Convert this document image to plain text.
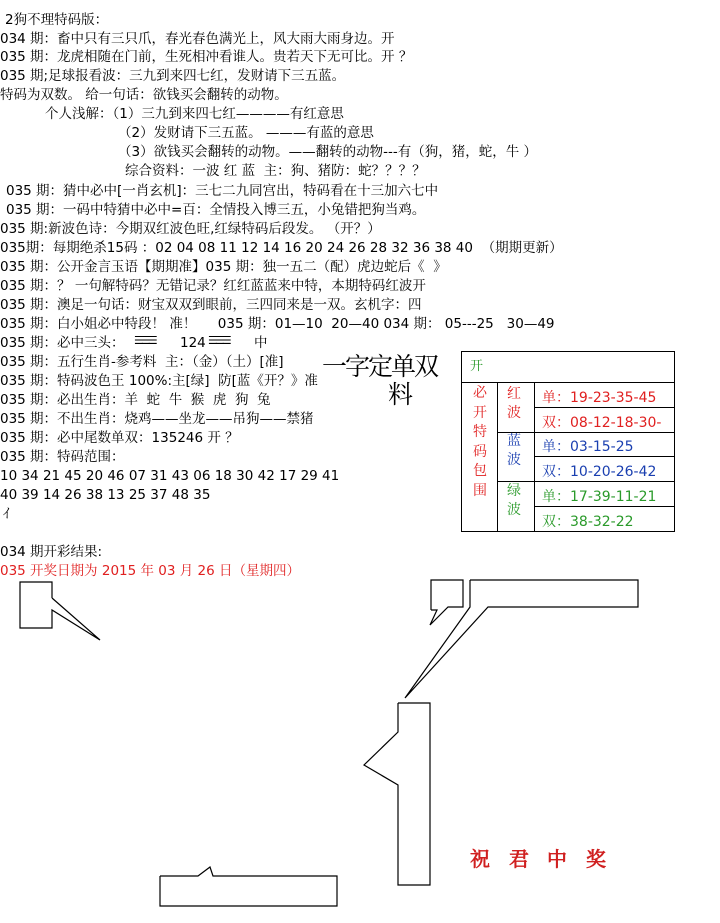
2狗不理特码版：
034 期：畜中只有三只爪，春光春色满光上，风大雨大雨身边。开
035 期：龙虎相随在门前，生死相冲看谁人。贵若天下无可比。开 ？
035 期;足球报看波：三九到来四七红，发财请下三五蓝。
特码为双数。 给一句话：欲钱买会翻转的动物。
个人浅解：（1）三九到来四七红————有红意思
（2）发财请下三五蓝。 ———有蓝的意思
（3）欲钱买会翻转的动物。——翻转的动物---有（狗，猪，蛇，牛 ）
综合资料：一波 红 蓝  主：狗、猪防：蛇？？？？
035 期：猜中必中[一肖玄机]：三七二九同宫出，特码看在十三加六七中
035 期：一码中特猜中必中=百：全情投入博三五，小兔错把狗当鸡。
035 期:新波色诗：今期双红波色旺,红绿特码后段发。 （开？）
035期：每期绝杀15码 ：02 04 08 11 12 14 16 20 24 26 28 32 36 38 40  （期期更新）
035 期：公开金言玉语【期期准】035 期：独一五二（配）虎边蛇后《  》
035 期：？ 一句解特码？无错记录？红红蓝蓝来中特，本期特码红波开
035 期：澳足一句话：财宝双双到眼前，三四同来是一双。玄机字：四
035 期：白小姐必中特段！ 准！     035 期：01—10  20—40 034 期： 05---25   30—49
035 期：必中三头： ☰☰☰ 124 ☰☰☰ 中
035 期：五行生肖-参考料  主：（金）（土）[准]
035 期：特码波色王 100%:主[绿]  防[蓝《开？》准
035 期：必出生肖：羊  蛇  牛  猴  虎  狗  兔
035 期：不出生肖：烧鸡——坐龙——吊狗——禁猪
035 期：必中尾数单双：135246 开 ？
035 期：特码范围：
10 34 21 45 20 46 07 31 43 06 18 30 42 17 29 41
40 39 14 26 38 13 25 37 48 35
ｲ
034 期开彩结果:
035 开奖日期为 2015 年 03 月 26 日（星期四）
一字定单双
料
开
必开特码包围
红波
蓝波
绿波
单：19-23-35-45
双：08-12-18-30-
单：03-15-25
双：10-20-26-42
单：17-39-11-21
双：38-32-22
祝 君 中 奖
